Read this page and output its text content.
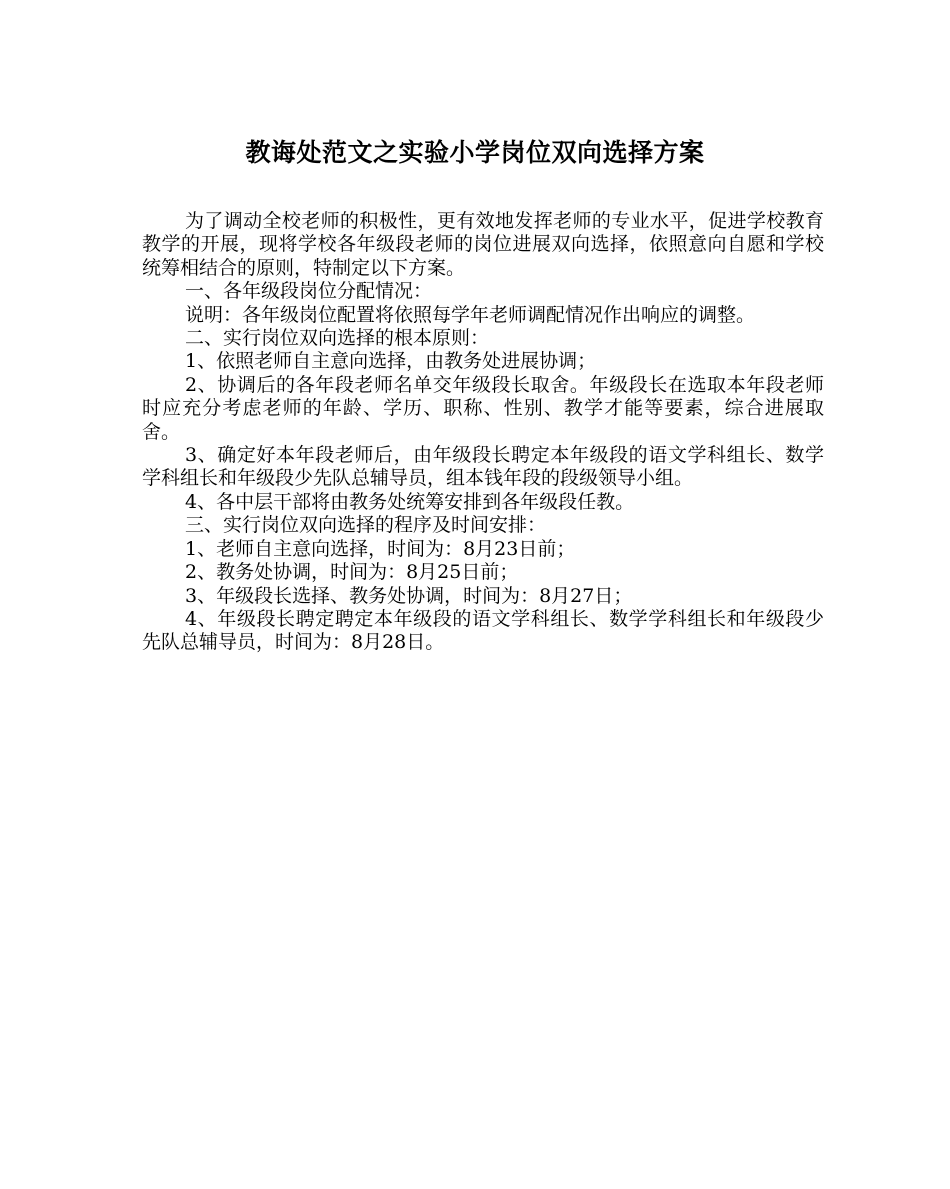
教诲处范文之实验小学岗位双向选择方案

为了调动全校老师的积极性，更有效地发挥老师的专业水平，促进学校教育教学的开展，现将学校各年级段老师的岗位进展双向选择，依照意向自愿和学校统筹相结合的原则，特制定以下方案。

一、各年级段岗位分配情况：

说明：各年级岗位配置将依照每学年老师调配情况作出响应的调整。

二、实行岗位双向选择的根本原则：

1、依照老师自主意向选择，由教务处进展协调；

2、协调后的各年段老师名单交年级段长取舍。年级段长在选取本年段老师时应充分考虑老师的年龄、学历、职称、性别、教学才能等要素，综合进展取舍。

3、确定好本年段老师后，由年级段长聘定本年级段的语文学科组长、数学学科组长和年级段少先队总辅导员，组本钱年段的段级领导小组。

4、各中层干部将由教务处统筹安排到各年级段任教。

三、实行岗位双向选择的程序及时间安排：

1、老师自主意向选择，时间为：8月23日前；

2、教务处协调，时间为：8月25日前；

3、年级段长选择、教务处协调，时间为：8月27日；

4、年级段长聘定聘定本年级段的语文学科组长、数学学科组长和年级段少先队总辅导员，时间为：8月28日。
